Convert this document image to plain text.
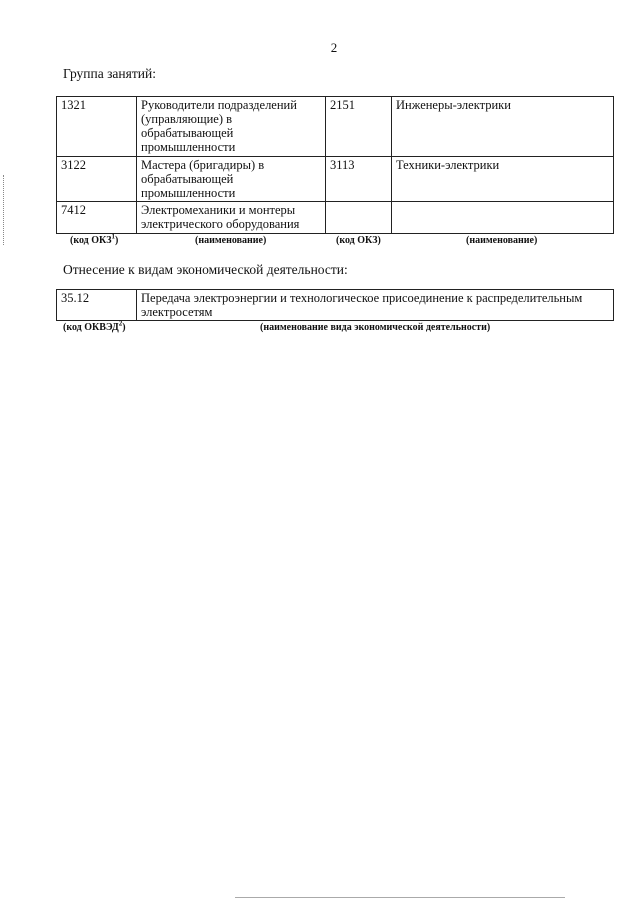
2
Группа занятий:
1321	Руководители подразделений (управляющие) в обрабатывающей промышленности	2151	Инженеры-электрики
3122	Мастера (бригадиры) в обрабатывающей промышленности	3113	Техники-электрики
7412	Электромеханики и монтеры электрического оборудования		
(код ОКЗ$^1$)	(наименование)	(код ОКЗ)	(наименование)
Отнесение к видам экономической деятельности:
35.12	Передача электроэнергии и технологическое присоединение к распределительным электросетям
(код ОКВЭД$^2$)	(наименование вида экономической деятельности)
